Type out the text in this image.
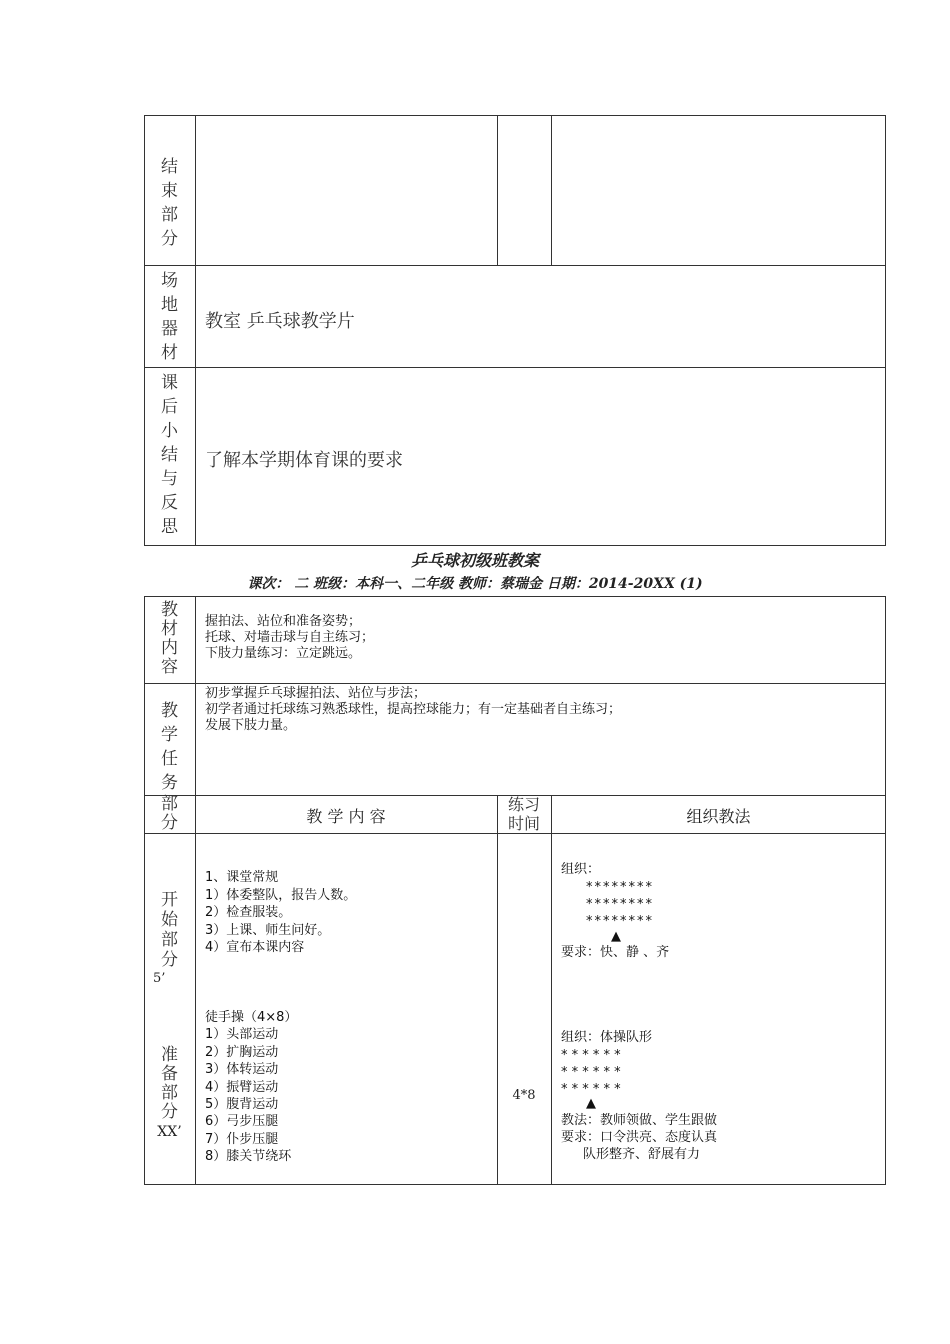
结
束
部
分
场
地
器
材
教室 乒乓球教学片
课
后
小
结
与
反
思
了解本学期体育课的要求
乒乓球初级班教案
课次： 二 班级：本科一、二年级 教师：蔡瑞金 日期：2014-20XX (1)
教
材
内
容
握拍法、站位和准备姿势；
托球、对墙击球与自主练习；
下肢力量练习：立定跳远。
教
学
任
务
初步掌握乒乓球握拍法、站位与步法；
初学者通过托球练习熟悉球性，提高控球能力；有一定基础者自主练习；
发展下肢力量。
部
分	教 学 内 容
练习
时间	组织教法
开
始
部
分
5’
1、课堂常规
1）体委整队，报告人数。
2）检查服装。
3）上课、师生问好。
4）宣布本课内容
组织：
********
********
********
▲
要求：快、静 、齐
准
备
部
分
XX’
徒手操（4×8）
1）头部运动
2）扩胸运动
3）体转运动
4）振臂运动
5）腹背运动
6）弓步压腿
7）仆步压腿
8）膝关节绕环
4*8
组织：体操队形
* * * * * *
* * * * * *
* * * * * *
▲
教法：教师领做、学生跟做
要求：口令洪亮、态度认真
队形整齐、舒展有力
